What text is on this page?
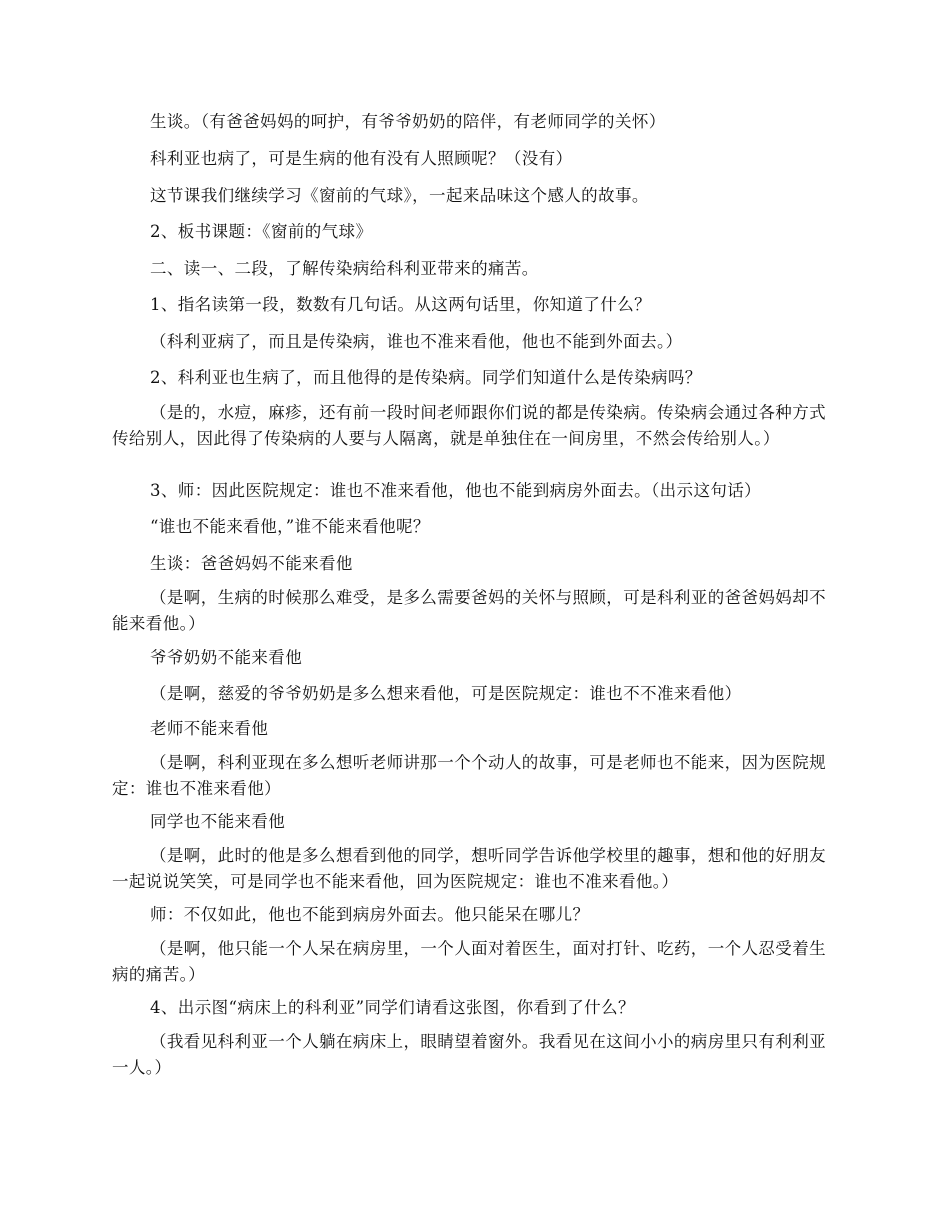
生谈。（有爸爸妈妈的呵护，有爷爷奶奶的陪伴，有老师同学的关怀）

科利亚也病了，可是生病的他有没有人照顾呢？（没有）

这节课我们继续学习《窗前的气球》，一起来品味这个感人的故事。

2、板书课题：《窗前的气球》

二、读一、二段，了解传染病给科利亚带来的痛苦。

1、指名读第一段，数数有几句话。从这两句话里，你知道了什么？

（科利亚病了，而且是传染病，谁也不准来看他，他也不能到外面去。）

2、科利亚也生病了，而且他得的是传染病。同学们知道什么是传染病吗？

（是的，水痘，麻疹，还有前一段时间老师跟你们说的都是传染病。传染病会通过各种方式传给别人，因此得了传染病的人要与人隔离，就是单独住在一间房里，不然会传给别人。）

3、师：因此医院规定：谁也不准来看他，他也不能到病房外面去。（出示这句话）

“谁也不能来看他，”谁不能来看他呢？

生谈：爸爸妈妈不能来看他

（是啊，生病的时候那么难受，是多么需要爸妈的关怀与照顾，可是科利亚的爸爸妈妈却不能来看他。）

爷爷奶奶不能来看他

（是啊，慈爱的爷爷奶奶是多么想来看他，可是医院规定：谁也不不准来看他）

老师不能来看他

（是啊，科利亚现在多么想听老师讲那一个个动人的故事，可是老师也不能来，因为医院规定：谁也不准来看他）

同学也不能来看他

（是啊，此时的他是多么想看到他的同学，想听同学告诉他学校里的趣事，想和他的好朋友一起说说笑笑，可是同学也不能来看他，回为医院规定：谁也不准来看他。）

师：不仅如此，他也不能到病房外面去。他只能呆在哪儿？

（是啊，他只能一个人呆在病房里，一个人面对着医生，面对打针、吃药，一个人忍受着生病的痛苦。）

4、出示图“病床上的科利亚”同学们请看这张图，你看到了什么？

（我看见科利亚一个人躺在病床上，眼睛望着窗外。我看见在这间小小的病房里只有利利亚一人。）
